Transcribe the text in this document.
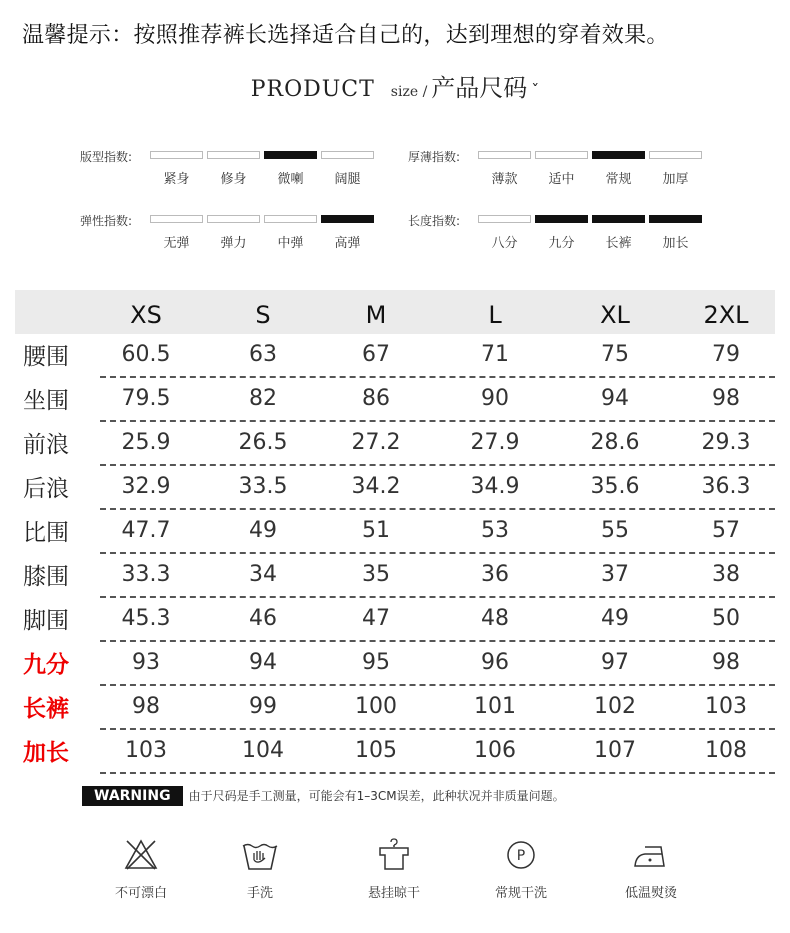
温馨提示：按照推荐裤长选择适合自己的，达到理想的穿着效果。
PRODUCT size / 产品尺码 ˇ
版型指数:
紧身	修身	微喇	阔腿
厚薄指数:
薄款	适中	常规	加厚
弹性指数:
无弹	弹力	中弹	高弹
长度指数:
八分	九分	长裤	加长
XS	S	M	L	XL	2XL
腰围	60.5	63	67	71	75	79
坐围	79.5	82	86	90	94	98
前浪	25.9	26.5	27.2	27.9	28.6	29.3
后浪	32.9	33.5	34.2	34.9	35.6	36.3
比围	47.7	49	51	53	55	57
膝围	33.3	34	35	36	37	38
脚围	45.3	46	47	48	49	50
九分	93	94	95	96	97	98
长裤	98	99	100	101	102	103
加长	103	104	105	106	107	108
WARNING 由于尺码是手工测量，可能会有1–3CM误差，此种状况并非质量问题。
不可漂白	手洗	悬挂晾干
P
常规干洗	低温熨烫
